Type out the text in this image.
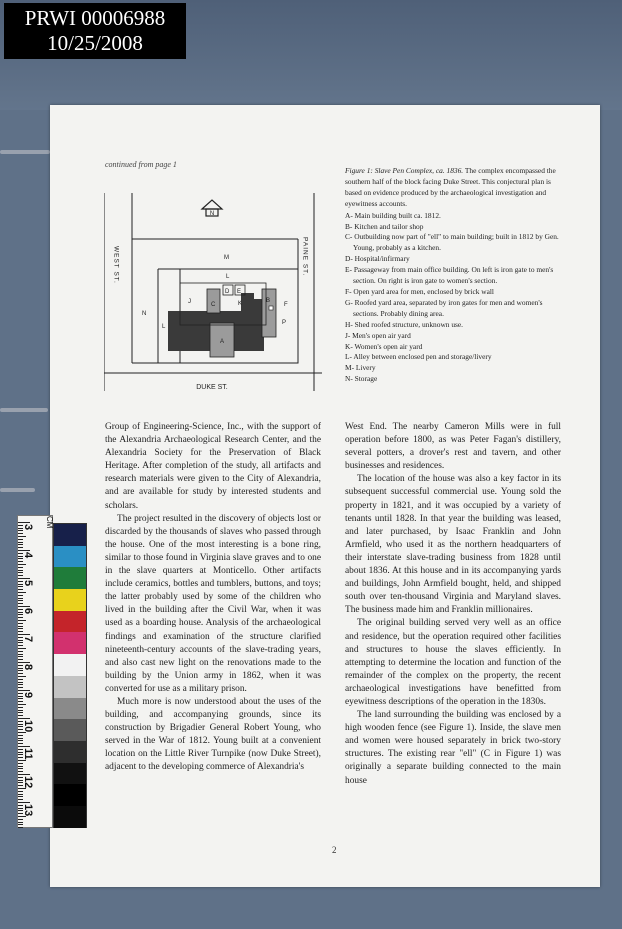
PRWI 00006988
10/25/2008
continued from page 1
N
WEST ST.	PAINE ST.
DUKE ST.
M
L
D E
J	C	K	B
N
L
P
A
F

Figure 1: Slave Pen Complex, ca. 1836. The complex encompassed the southern half of the block facing Duke Street. This conjectural plan is based on evidence produced by the archaeological investigation and eyewitness accounts.

A- Main building built ca. 1812.
B- Kitchen and tailor shop
C- Outbuilding now part of "ell" to main building; built in 1812 by Gen. Young, probably as a kitchen.
D- Hospital/infirmary
E- Passageway from main office building. On left is iron gate to men's section. On right is iron gate to women's section.
F- Open yard area for men, enclosed by brick wall
G- Roofed yard area, separated by iron gates for men and women's sections. Probably dining area.
H- Shed roofed structure, unknown use.
J- Men's open air yard
K- Women's open air yard
L- Alley between enclosed pen and storage/livery
M- Livery
N- Storage

Group of Engineering-Science, Inc., with the support of the Alexandria Archaeological Research Center, and the Alexandria Society for the Preservation of Black Heritage. After completion of the study, all artifacts and research materials were given to the City of Alexandria, and are available for study by interested students and scholars.

The project resulted in the discovery of objects lost or discarded by the thousands of slaves who passed through the house. One of the most interesting is a bone ring, similar to those found in Virginia slave graves and to one in the slave quarters at Monticello. Other artifacts include ceramics, bottles and tumblers, buttons, and toys; the latter probably used by some of the children who lived in the building after the Civil War, when it was used as a boarding house. Analysis of the archaeological findings and examination of the structure clarified nineteenth-century accounts of the slave-trading years, and also cast new light on the renovations made to the building by the Union army in 1862, when it was converted for use as a military prison.

Much more is now understood about the uses of the building, and accompanying grounds, since its construction by Brigadier General Robert Young, who served in the War of 1812. Young built at a convenient location on the Little River Turnpike (now Duke Street), adjacent to the developing commerce of Alexandria's

West End. The nearby Cameron Mills were in full operation before 1800, as was Peter Fagan's distillery, several potters, a drover's rest and tavern, and other businesses and residences.

The location of the house was also a key factor in its subsequent successful commercial use. Young sold the property in 1821, and it was occupied by a variety of tenants until 1828. In that year the building was leased, and later purchased, by Isaac Franklin and John Armfield, who used it as the northern headquarters of their interstate slave-trading business from 1828 until about 1836. At this house and in its accompanying yards and buildings, John Armfield bought, held, and shipped south over ten-thousand Virginia and Maryland slaves. The business made him and Franklin millionaires.

The original building served very well as an office and residence, but the operation required other facilities and structures to house the slaves efficiently. In attempting to determine the location and function of the remainder of the complex on the property, the recent archaeological investigations have benefitted from eyewitness descriptions of the operation in the 1830s.

The land surrounding the building was enclosed by a high wooden fence (see Figure 1). Inside, the slave men and women were housed separately in brick two-story structures. The existing rear "ell" (C in Figure 1) was originally a separate building connected to the main house

2
CM
3
4
5
6
7
8
9
10
11
12
13
